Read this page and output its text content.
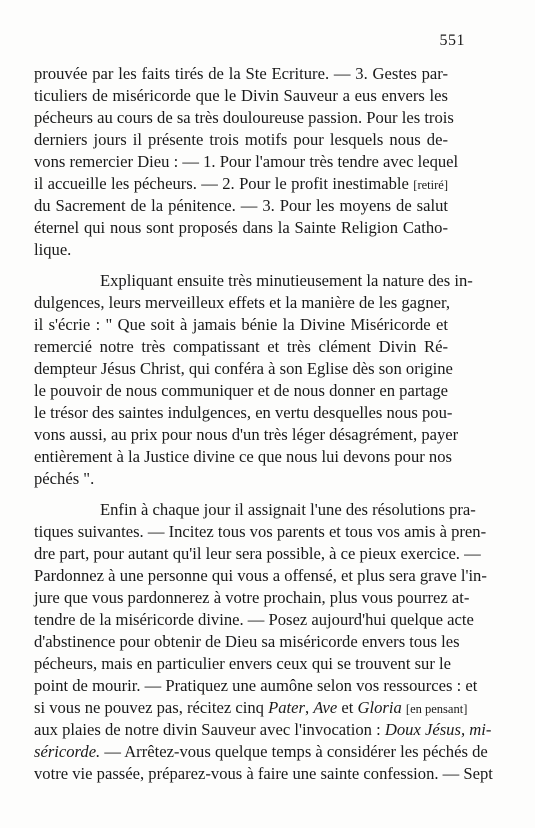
551
prouvée par les faits tirés de la Ste Ecriture. — 3. Gestes par-
ticuliers de miséricorde que le Divin Sauveur a eus envers les
pécheurs au cours de sa très douloureuse passion. Pour les trois
derniers jours il présente trois motifs pour lesquels nous de-
vons remercier Dieu : — 1. Pour l'amour très tendre avec lequel
il accueille les pécheurs. — 2. Pour le profit inestimable [retiré]
du Sacrement de la pénitence. — 3. Pour les moyens de salut
éternel qui nous sont proposés dans la Sainte Religion Catho-
lique.
Expliquant ensuite très minutieusement la nature des in-
dulgences, leurs merveilleux effets et la manière de les gagner,
il s'écrie : " Que soit à jamais bénie la Divine Miséricorde et
remercié notre très compatissant et très clément Divin Ré-
dempteur Jésus Christ, qui conféra à son Eglise dès son origine
le pouvoir de nous communiquer et de nous donner en partage
le trésor des saintes indulgences, en vertu desquelles nous pou-
vons aussi, au prix pour nous d'un très léger désagrément, payer
entièrement à la Justice divine ce que nous lui devons pour nos
péchés ".
Enfin à chaque jour il assignait l'une des résolutions pra-
tiques suivantes. — Incitez tous vos parents et tous vos amis à pren-
dre part, pour autant qu'il leur sera possible, à ce pieux exercice. —
Pardonnez à une personne qui vous a offensé, et plus sera grave l'in-
jure que vous pardonnerez à votre prochain, plus vous pourrez at-
tendre de la miséricorde divine. — Posez aujourd'hui quelque acte
d'abstinence pour obtenir de Dieu sa miséricorde envers tous les
pécheurs, mais en particulier envers ceux qui se trouvent sur le
point de mourir. — Pratiquez une aumône selon vos ressources : et
si vous ne pouvez pas, récitez cinq Pater, Ave et Gloria [en pensant]
aux plaies de notre divin Sauveur avec l'invocation : Doux Jésus, mi-
séricorde. — Arrêtez-vous quelque temps à considérer les péchés de
votre vie passée, préparez-vous à faire une sainte confession. — Sept
